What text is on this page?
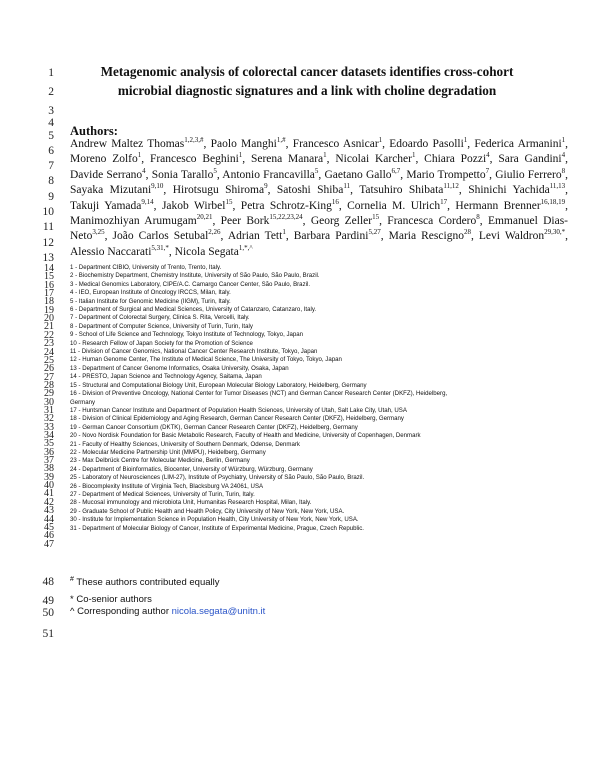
1
2
3
4
5
6
7
8
9
10
11
12
13
14
15
16
17
18
19
20
21
22
23
24
25
26
27
28
29
30
31
32
33
34
35
36
37
38
39
40
41
42
43
44
45
46
47
48
49
50
51
Metagenomic analysis of colorectal cancer datasets identifies cross-cohort
microbial diagnostic signatures and a link with choline degradation
Authors:
Andrew Maltez Thomas$^{1,2,3,\#}$, Paolo Manghi$^{1,\#}$, Francesco Asnicar$^1$, Edoardo Pasolli$^1$, Federica Armanini$^1$, Moreno Zolfo$^1$, Francesco Beghini$^1$, Serena Manara$^1$, Nicolai Karcher$^1$, Chiara Pozzi$^4$, Sara Gandini$^4$, Davide Serrano$^4$, Sonia Tarallo$^5$, Antonio Francavilla$^5$, Gaetano Gallo$^{6,7}$, Mario Trompetto$^7$, Giulio Ferrero$^8$, Sayaka Mizutani$^{9,10}$, Hirotsugu Shiroma$^9$, Satoshi Shiba$^{11}$, Tatsuhiro Shibata$^{11,12}$, Shinichi Yachida$^{11,13}$, Takuji Yamada$^{9,14}$, Jakob Wirbel$^{15}$, Petra Schrotz-King$^{16}$, Cornelia M. Ulrich$^{17}$, Hermann Brenner$^{16,18,19}$, Manimozhiyan Arumugam$^{20,21}$, Peer Bork$^{15,22,23,24}$, Georg Zeller$^{15}$, Francesca Cordero$^8$, Emmanuel Dias-Neto$^{3,25}$, João Carlos Setubal$^{2,26}$, Adrian Tett$^1$, Barbara Pardini$^{5,27}$, Maria Rescigno$^{28}$, Levi Waldron$^{29,30,*}$, Alessio Naccarati$^{5,31,*}$, Nicola Segata$^{1,*,\^{}}$
1 - Department CIBIO, University of Trento, Trento, Italy.
2 - Biochemistry Department, Chemistry Institute, University of São Paulo, São Paulo, Brazil.
3 - Medical Genomics Laboratory, CIPE/A.C. Camargo Cancer Center, São Paulo, Brazil.
4 - IEO, European Institute of Oncology IRCCS, Milan, Italy.
5 - Italian Institute for Genomic Medicine (IIGM), Turin, Italy.
6 - Department of Surgical and Medical Sciences, University of Catanzaro, Catanzaro, Italy.
7 - Department of Colorectal Surgery, Clinica S. Rita, Vercelli, Italy.
8 - Department of Computer Science, University of Turin, Turin, Italy
9 - School of Life Science and Technology, Tokyo Institute of Technology, Tokyo, Japan
10 - Research Fellow of Japan Society for the Promotion of Science
11 - Division of Cancer Genomics, National Cancer Center Research Institute, Tokyo, Japan
12 - Human Genome Center, The Institute of Medical Science, The University of Tokyo, Tokyo, Japan
13 - Department of Cancer Genome Informatics, Osaka University, Osaka, Japan
14 - PRESTO, Japan Science and Technology Agency, Saitama, Japan
15 - Structural and Computational Biology Unit, European Molecular Biology Laboratory, Heidelberg, Germany
16 - Division of Preventive Oncology, National Center for Tumor Diseases (NCT) and German Cancer Research Center (DKFZ), Heidelberg,
Germany
17 - Huntsman Cancer Institute and Department of Population Health Sciences, University of Utah, Salt Lake City, Utah, USA
18 - Division of Clinical Epidemiology and Aging Research, German Cancer Research Center (DKFZ), Heidelberg, Germany
19 - German Cancer Consortium (DKTK), German Cancer Research Center (DKFZ), Heidelberg, Germany
20 - Novo Nordisk Foundation for Basic Metabolic Research, Faculty of Health and Medicine, University of Copenhagen, Denmark
21 - Faculty of Healthy Sciences, University of Southern Denmark, Odense, Denmark
22 - Molecular Medicine Partnership Unit (MMPU), Heidelberg, Germany
23 - Max Delbrück Centre for Molecular Medicine, Berlin, Germany
24 - Department of Bioinformatics, Biocenter, University of Würzburg, Würzburg, Germany
25 - Laboratory of Neurosciences (LIM-27), Institute of Psychiatry, University of São Paulo, São Paulo, Brazil.
26 - Biocomplexity Institute of Virginia Tech, Blacksburg VA 24061, USA
27 - Department of Medical Sciences, University of Turin, Turin, Italy.
28 - Mucosal immunology and microbiota Unit, Humanitas Research Hospital, Milan, Italy.
29 - Graduate School of Public Health and Health Policy, City University of New York, New York, USA.
30 - Institute for Implementation Science in Population Health, City University of New York, New York, USA.
31 - Department of Molecular Biology of Cancer, Institute of Experimental Medicine, Prague, Czech Republic.
# These authors contributed equally
* Co-senior authors
^ Corresponding author nicola.segata@unitn.it
